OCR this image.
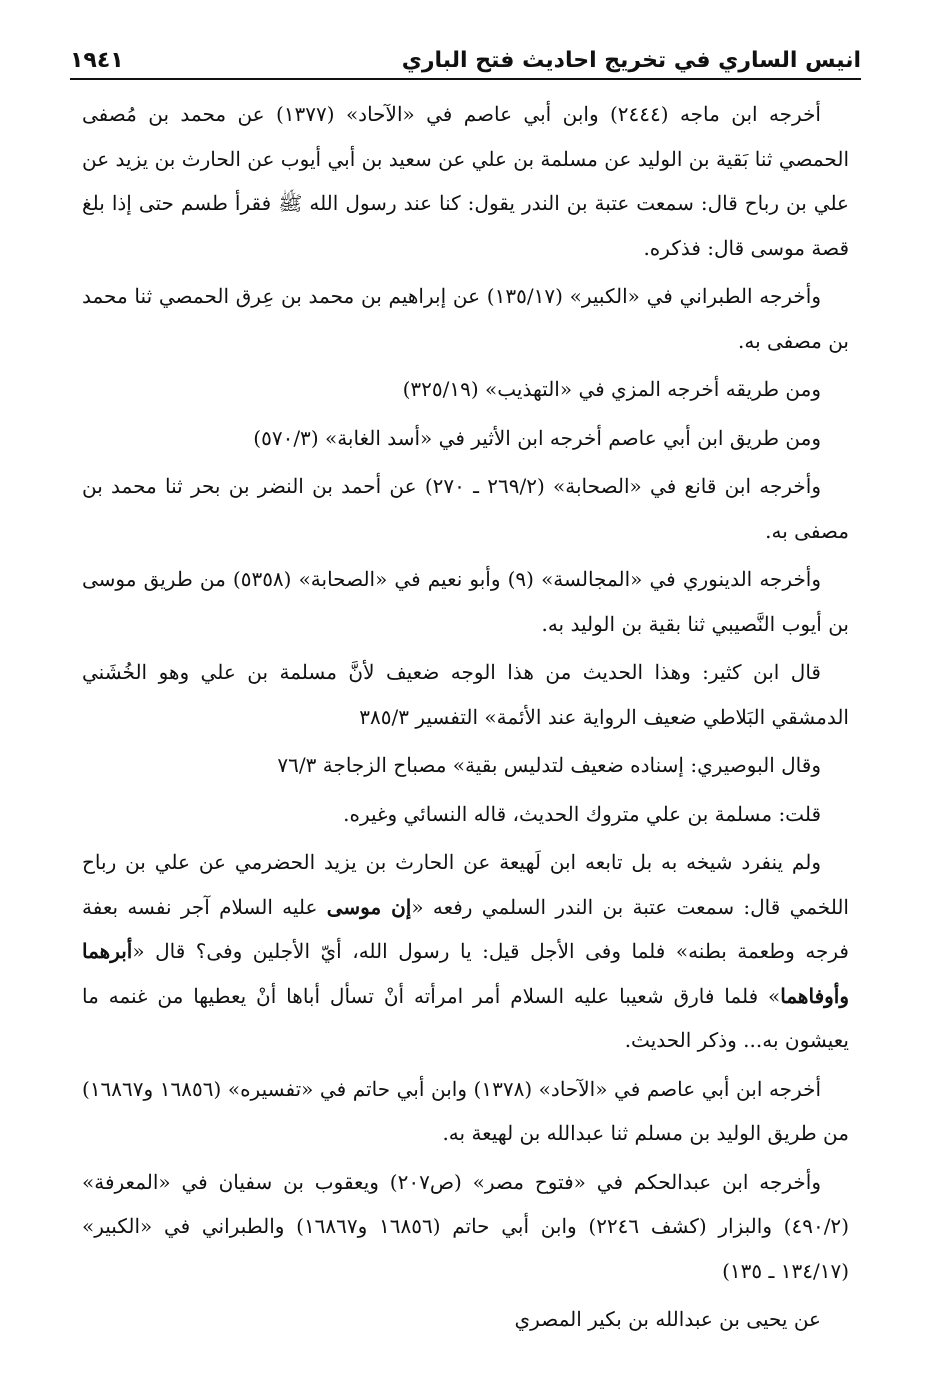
انيس الساري في تخريج احاديث فتح الباري
١٩٤١

أخرجه ابن ماجه (٢٤٤٤) وابن أبي عاصم في «الآحاد» (١٣٧٧) عن محمد بن مُصفى الحمصي ثنا بَقية بن الوليد عن مسلمة بن علي عن سعيد بن أبي أيوب عن الحارث بن يزيد عن علي بن رباح قال: سمعت عتبة بن الندر يقول: كنا عند رسول الله ﷺ فقرأ طسم حتى إذا بلغ قصة موسى قال: فذكره.

وأخرجه الطبراني في «الكبير» (١٣٥/١٧) عن إبراهيم بن محمد بن عِرق الحمصي ثنا محمد بن مصفى به.

ومن طريقه أخرجه المزي في «التهذيب» (٣٢٥/١٩)

ومن طريق ابن أبي عاصم أخرجه ابن الأثير في «أسد الغابة» (٥٧٠/٣)

وأخرجه ابن قانع في «الصحابة» (٢٦٩/٢ ـ ٢٧٠) عن أحمد بن النضر بن بحر ثنا محمد بن مصفى به.

وأخرجه الدينوري في «المجالسة» (٩) وأبو نعيم في «الصحابة» (٥٣٥٨) من طريق موسى بن أيوب النَّصيبي ثنا بقية بن الوليد به.

قال ابن كثير: وهذا الحديث من هذا الوجه ضعيف لأنَّ مسلمة بن علي وهو الخُشَني الدمشقي البَلاطي ضعيف الرواية عند الأئمة» التفسير ٣٨٥/٣

وقال البوصيري: إسناده ضعيف لتدليس بقية» مصباح الزجاجة ٧٦/٣

قلت: مسلمة بن علي متروك الحديث، قاله النسائي وغيره.

ولم ينفرد شيخه به بل تابعه ابن لَهيعة عن الحارث بن يزيد الحضرمي عن علي بن رباح اللخمي قال: سمعت عتبة بن الندر السلمي رفعه «إن موسى عليه السلام آجر نفسه بعفة فرجه وطعمة بطنه» فلما وفى الأجل قيل: يا رسول الله، أيّ الأجلين وفى؟ قال «أبرهما وأوفاهما» فلما فارق شعيبا عليه السلام أمر امرأته أنْ تسأل أباها أنْ يعطيها من غنمه ما يعيشون به... وذكر الحديث.

أخرجه ابن أبي عاصم في «الآحاد» (١٣٧٨) وابن أبي حاتم في «تفسيره» (١٦٨٥٦ و١٦٨٦٧) من طريق الوليد بن مسلم ثنا عبدالله بن لهيعة به.

وأخرجه ابن عبدالحكم في «فتوح مصر» (ص٢٠٧) ويعقوب بن سفيان في «المعرفة» (٤٩٠/٢) والبزار (كشف ٢٢٤٦) وابن أبي حاتم (١٦٨٥٦ و١٦٨٦٧) والطبراني في «الكبير» (١٣٤/١٧ ـ ١٣٥)

عن يحيى بن عبدالله بن بكير المصري
